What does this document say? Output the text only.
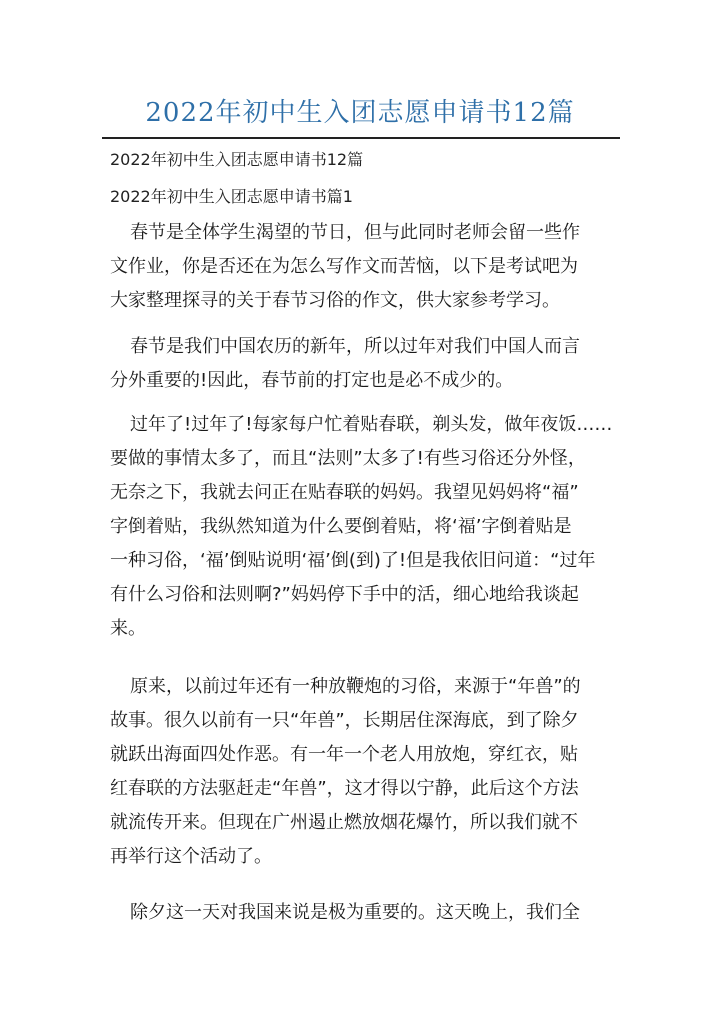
2022年初中生入团志愿申请书12篇
2022年初中生入团志愿申请书12篇
2022年初中生入团志愿申请书篇1
春节是全体学生渴望的节日，但与此同时老师会留一些作
文作业，你是否还在为怎么写作文而苦恼，以下是考试吧为
大家整理探寻的关于春节习俗的作文，供大家参考学习。
春节是我们中国农历的新年，所以过年对我们中国人而言
分外重要的!因此，春节前的打定也是必不成少的。
过年了!过年了!每家每户忙着贴春联，剃头发，做年夜饭……
要做的事情太多了，而且“法则”太多了!有些习俗还分外怪，
无奈之下，我就去问正在贴春联的妈妈。我望见妈妈将“福”
字倒着贴，我纵然知道为什么要倒着贴，将‘福’字倒着贴是
一种习俗，‘福’倒贴说明‘福’倒(到)了!但是我依旧问道：“过年
有什么习俗和法则啊?”妈妈停下手中的活，细心地给我谈起
来。
原来，以前过年还有一种放鞭炮的习俗，来源于“年兽”的
故事。很久以前有一只“年兽”，长期居住深海底，到了除夕
就跃出海面四处作恶。有一年一个老人用放炮，穿红衣，贴
红春联的方法驱赶走“年兽”，这才得以宁静，此后这个方法
就流传开来。但现在广州遏止燃放烟花爆竹，所以我们就不
再举行这个活动了。
除夕这一天对我国来说是极为重要的。这天晚上，我们全
